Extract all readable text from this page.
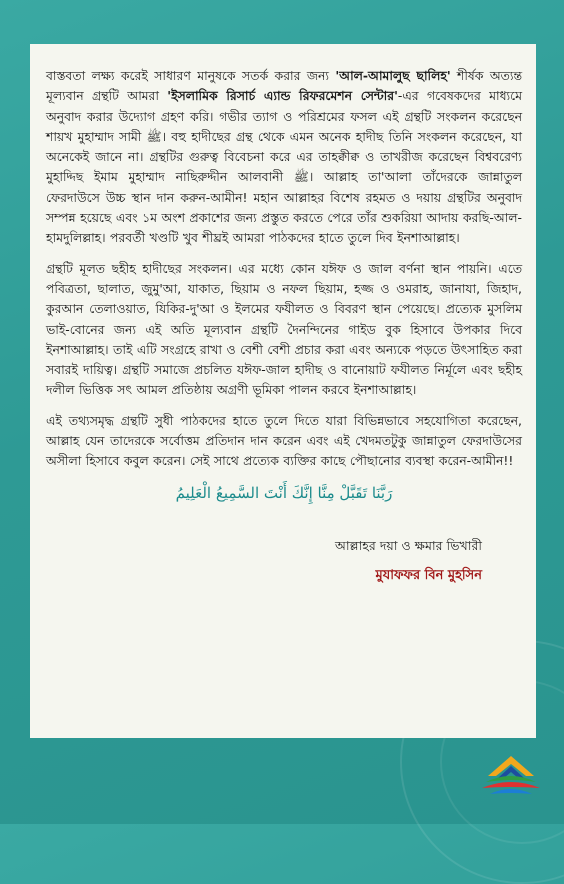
বাস্তবতা লক্ষ্য করেই সাধারণ মানুষকে সতর্ক করার জন্য 'আল-আমালুছ ছালিহ' শীর্ষক অত্যন্ত মূল্যবান গ্রন্থটি আমরা 'ইসলামিক রিসার্চ এ্যান্ড রিফরমেশন সেন্টার'-এর গবেষকদের মাধ্যমে অনুবাদ করার উদ্যোগ গ্রহণ করি। গভীর ত্যাগ ও পরিশ্রমের ফসল এই গ্রন্থটি সংকলন করেছেন শায়খ মুহাম্মাদ সামী ﷺ। বহু হাদীছের গ্রন্থ থেকে এমন অনেক হাদীছ তিনি সংকলন করেছেন, যা অনেকেই জানে না। গ্রন্থটির গুরুত্ব বিবেচনা করে এর তাহক্বীক্ব ও তাখরীজ করেছেন বিশ্ববরেণ্য মুহাদ্দিছ ইমাম মুহাম্মাদ নাছিরুদ্দীন আলবানী ﷺ। আল্লাহ তা'আলা তাঁদেরকে জান্নাতুল ফেরদাউসে উচ্চ স্থান দান করুন-আমীন! মহান আল্লাহর বিশেষ রহমত ও দয়ায় গ্রন্থটির অনুবাদ সম্পন্ন হয়েছে এবং ১ম অংশ প্রকাশের জন্য প্রস্তুত করতে পেরে তাঁর শুকরিয়া আদায় করছি-আল-হামদুলিল্লাহ। পরবর্তী খণ্ডটি খুব শীঘ্রই আমরা পাঠকদের হাতে তুলে দিব ইনশাআল্লাহ।

গ্রন্থটি মূলত ছহীহ হাদীছের সংকলন। এর মধ্যে কোন যঈফ ও জাল বর্ণনা স্থান পায়নি। এতে পবিত্রতা, ছালাত, জুমু'আ, যাকাত, ছিয়াম ও নফল ছিয়াম, হজ্জ ও ওমরাহ, জানাযা, জিহাদ, কুরআন তেলাওয়াত, যিকির-দু'আ ও ইলমের ফযীলত ও বিবরণ স্থান পেয়েছে। প্রত্যেক মুসলিম ভাই-বোনের জন্য এই অতি মূল্যবান গ্রন্থটি দৈনন্দিনের গাইড বুক হিসাবে উপকার দিবে ইনশাআল্লাহ। তাই এটি সংগ্রহে রাখা ও বেশী বেশী প্রচার করা এবং অন্যকে পড়তে উৎসাহিত করা সবারই দায়িত্ব। গ্রন্থটি সমাজে প্রচলিত যঈফ-জাল হাদীছ ও বানোয়াট ফযীলত নির্মূলে এবং ছহীহ দলীল ভিত্তিক সৎ আমল প্রতিষ্ঠায় অগ্রণী ভূমিকা পালন করবে ইনশাআল্লাহ।

এই তথ্যসমৃদ্ধ গ্রন্থটি সুধী পাঠকদের হাতে তুলে দিতে যারা বিভিন্নভাবে সহযোগিতা করেছেন, আল্লাহ যেন তাদেরকে সর্বোত্তম প্রতিদান দান করেন এবং এই খেদমতটুকু জান্নাতুল ফেরদাউসের অসীলা হিসাবে কবুল করেন। সেই সাথে প্রত্যেক ব্যক্তির কাছে পৌছানোর ব্যবস্থা করেন-আমীন!!

رَبَّنَا تَقَبَّلْ مِنَّا إِنَّكَ أَنْتَ السَّمِيعُ الْعَلِيمُ
আল্লাহর দয়া ও ক্ষমার ভিখারী
মুযাফফর বিন মুহসিন
